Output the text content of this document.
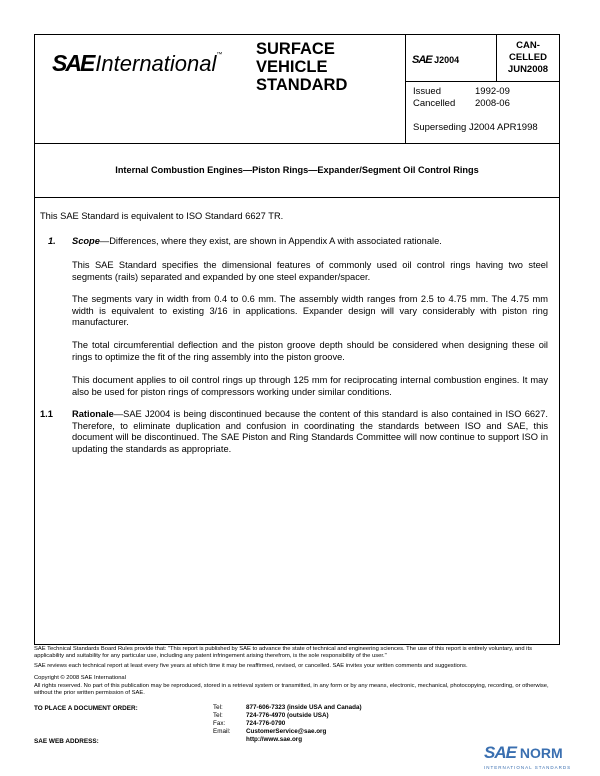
SAEInternational™ SURFACE
VEHICLE
STANDARD
SAE J2004
CAN-
CELLED
JUN2008
Issued	1992-09
Cancelled 2008-06
Superseding J2004 APR1998
Internal Combustion Engines—Piston Rings—Expander/Segment Oil Control Rings
This SAE Standard is equivalent to ISO Standard 6627 TR.
1. Scope—Differences, where they exist, are shown in Appendix A with associated rationale.
This SAE Standard specifies the dimensional features of commonly used oil control rings having two steel segments (rails) separated and expanded by one steel expander/spacer.
The segments vary in width from 0.4 to 0.6 mm. The assembly width ranges from 2.5 to 4.75 mm. The 4.75 mm width is equivalent to existing 3/16 in applications. Expander design will vary considerably with piston ring manufacturer.
The total circumferential deflection and the piston groove depth should be considered when designing these oil rings to optimize the fit of the ring assembly into the piston groove.
This document applies to oil control rings up through 125 mm for reciprocating internal combustion engines. It may also be used for piston rings of compressors working under similar conditions.
1.1 Rationale—SAE J2004 is being discontinued because the content of this standard is also contained in ISO 6627. Therefore, to eliminate duplication and confusion in coordinating the standards between ISO and SAE, this document will be discontinued. The SAE Piston and Ring Standards Committee will now continue to support ISO in updating the standards as appropriate.
SAE Technical Standards Board Rules provide that: "This report is published by SAE to advance the state of technical and engineering sciences. The use of this report is entirely voluntary, and its applicability and suitability for any particular use, including any patent infringement arising therefrom, is the sole responsibility of the user."
SAE reviews each technical report at least every five years at which time it may be reaffirmed, revised, or cancelled. SAE invites your written comments and suggestions.
Copyright © 2008 SAE International
All rights reserved. No part of this publication may be reproduced, stored in a retrieval system or transmitted, in any form or by any means, electronic, mechanical, photocopying, recording, or otherwise, without the prior written permission of SAE.
TO PLACE A DOCUMENT ORDER:
SAE WEB ADDRESS:
Tel:	877-606-7323 (inside USA and Canada)
Tel:	724-776-4970 (outside USA)
Fax:	724-776-0790
Email: CustomerService@sae.org
http://www.sae.org
SAE NORM
INTERNATIONAL STANDARDS
